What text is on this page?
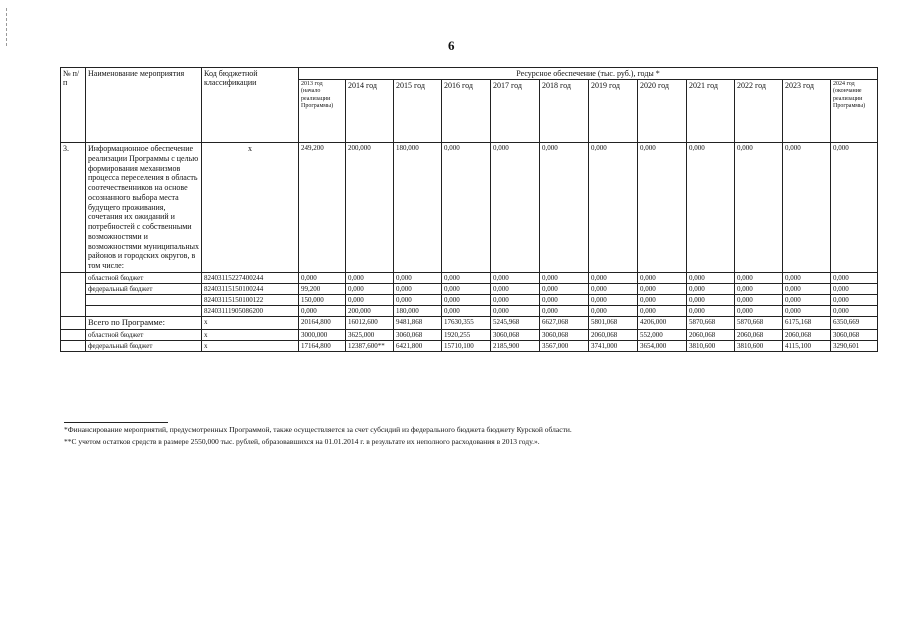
6
№ п/п	Наименование мероприятия	Код бюджетной классификации	Ресурсное обеспечение (тыс. руб.), годы *											
			2013 год (начало реализации Программы)	2014 год	2015 год	2016 год	2017 год	2018 год	2019 год	2020 год	2021 год	2022 год	2023 год	2024 год (окончание реализации Программы)
3.	Информационное обеспечение реализации Программы с целью формирования механизмов процесса переселения в область соотечественников на основе осознанного выбора места будущего проживания, сочетания их ожиданий и потребностей с собственными возможностями и возможностями муниципальных районов и городских округов, в том числе:	х	249,200	200,000	180,000	0,000	0,000	0,000	0,000	0,000	0,000	0,000	0,000	0,000
	областной бюджет	82403115227400244	0,000	0,000	0,000	0,000	0,000	0,000	0,000	0,000	0,000	0,000	0,000	0,000
	федеральный бюджет	82403115150100244	99,200	0,000	0,000	0,000	0,000	0,000	0,000	0,000	0,000	0,000	0,000	0,000
		82403115150100122	150,000	0,000	0,000	0,000	0,000	0,000	0,000	0,000	0,000	0,000	0,000	0,000
		82403111905086200	0,000	200,000	180,000	0,000	0,000	0,000	0,000	0,000	0,000	0,000	0,000	0,000
	Всего по Программе:	х	20164,800	16012,600	9481,868	17630,355	5245,968	6627,068	5801,068	4206,000	5870,668	5870,668	6175,168	6350,669
	областной бюджет	х	3000,000	3625,000	3060,068	1920,255	3060,068	3060,068	2060,068	552,000	2060,068	2060,068	2060,068	3060,068
	федеральный бюджет	х	17164,800	12387,600**	6421,800	15710,100	2185,900	3567,000	3741,000	3654,000	3810,600	3810,600	4115,100	3290,601
*Финансирование мероприятий, предусмотренных Программой, также осуществляется за счет субсидий из федерального бюджета бюджету Курской области.
**С учетом остатков средств в размере 2550,000 тыс. рублей, образовавшихся на 01.01.2014 г. в результате их неполного расходования в 2013 году.».
